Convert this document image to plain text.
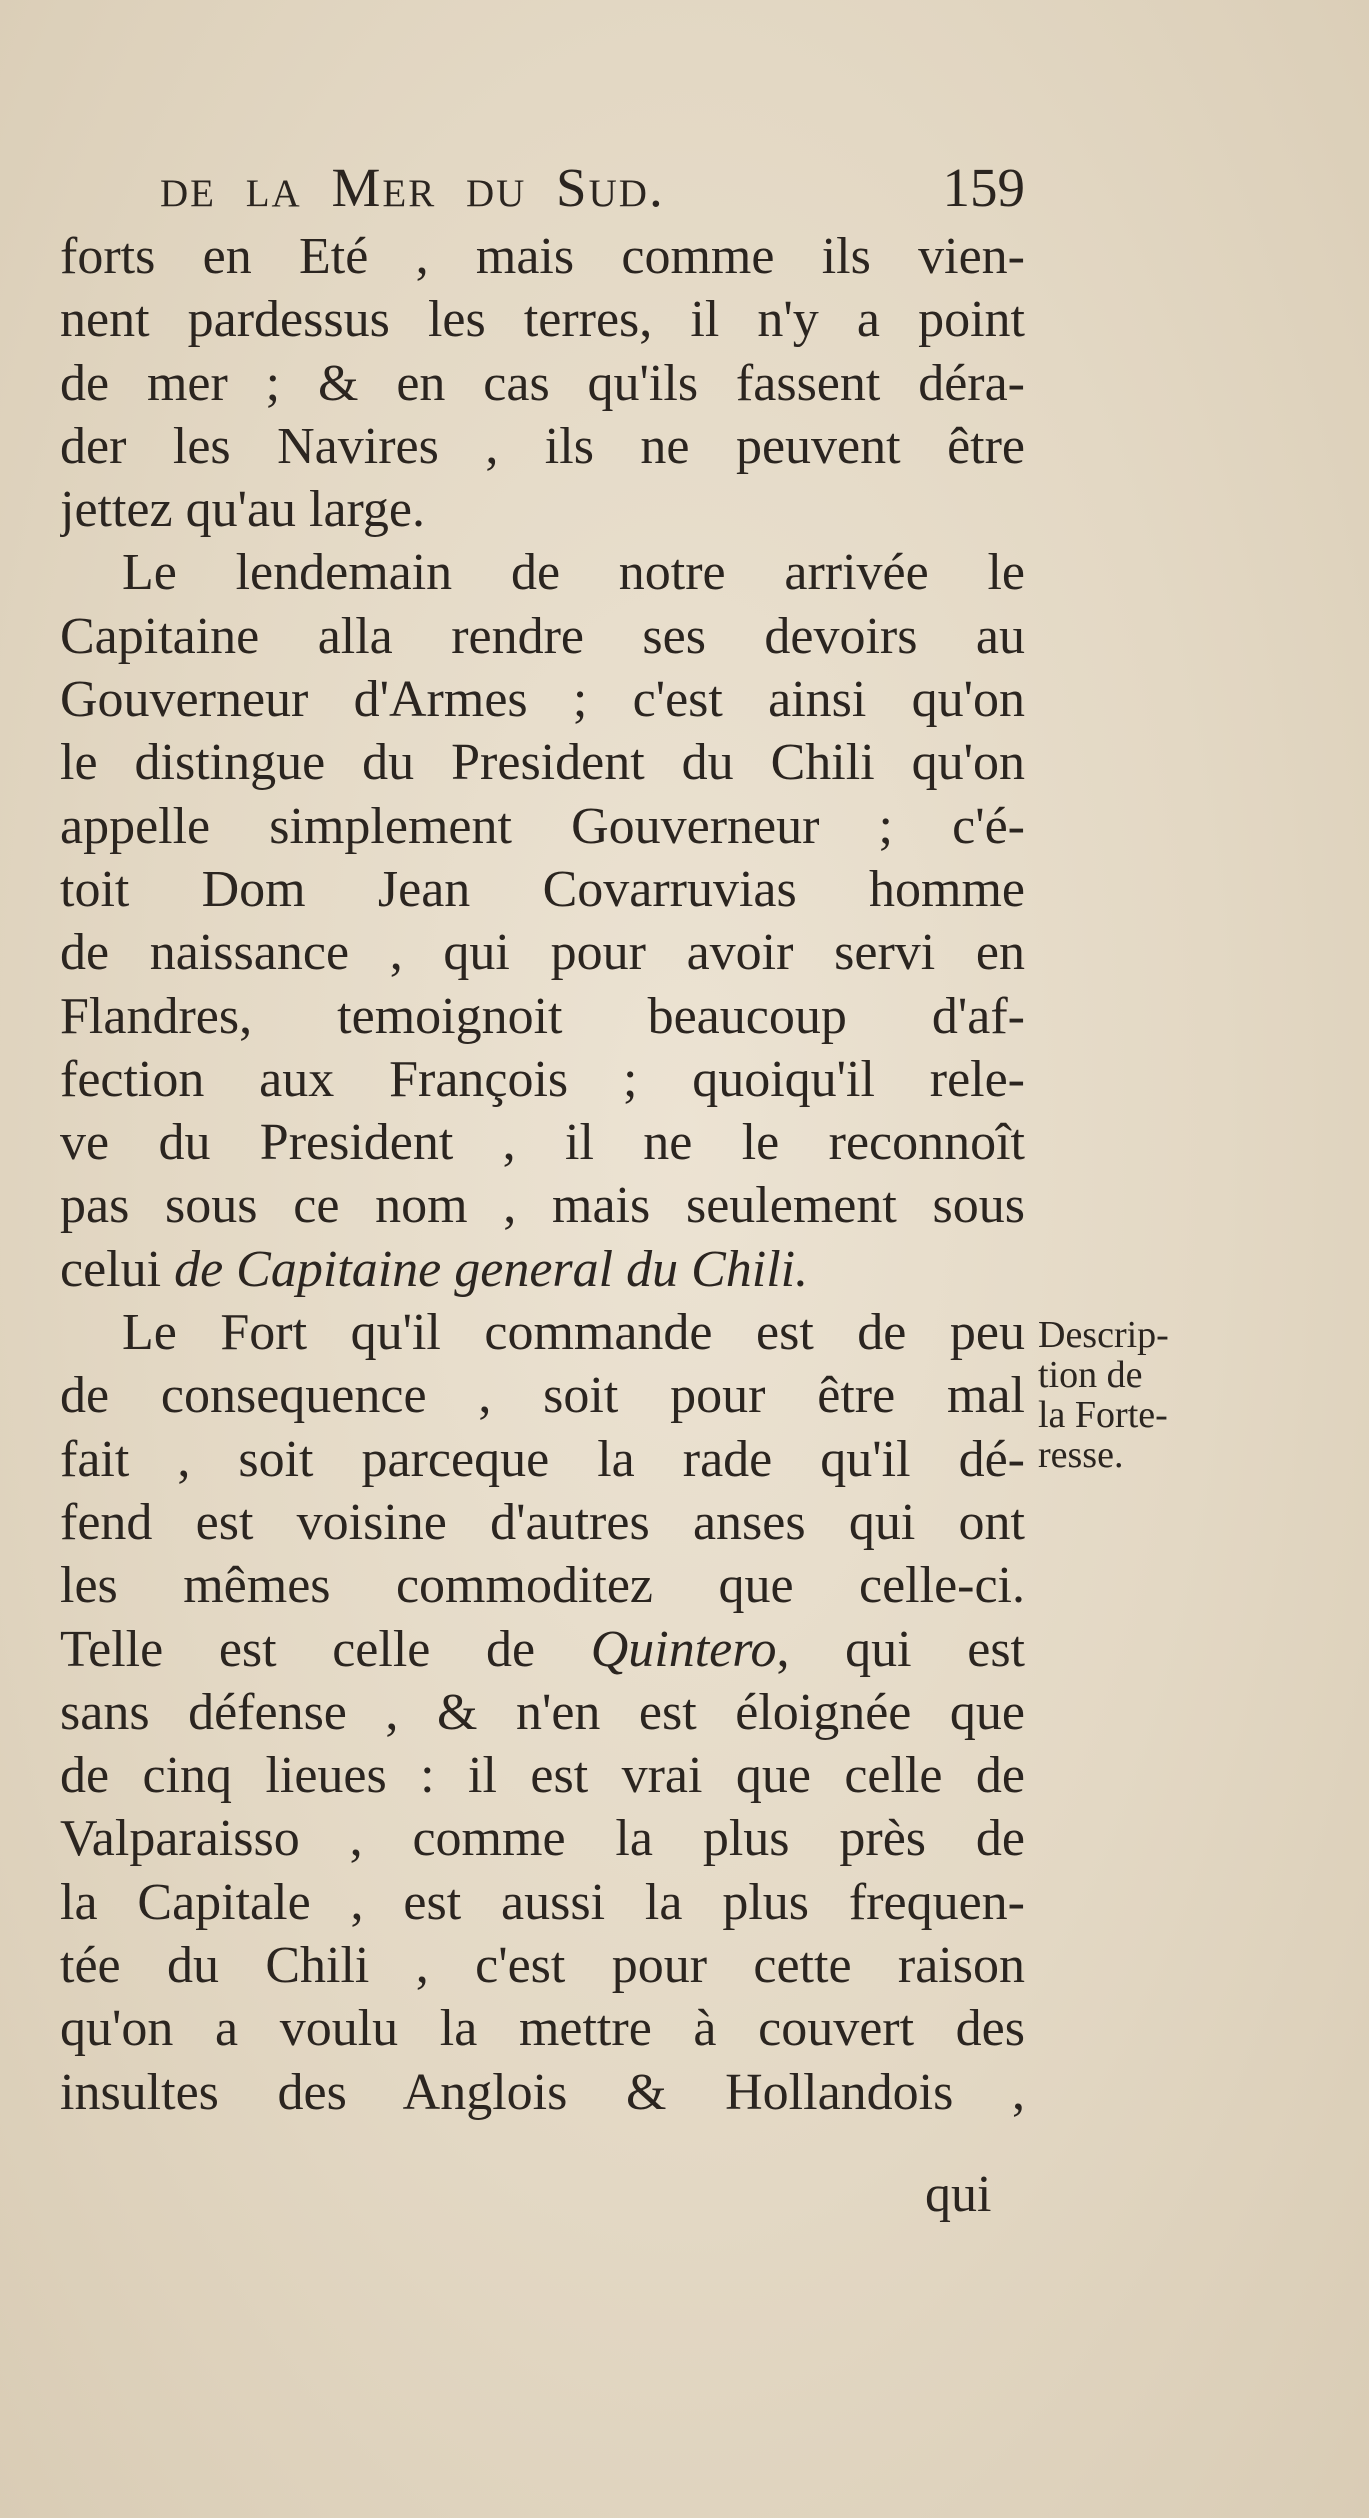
de la Mer du Sud.	159
forts en Eté , mais comme ils vien-
nent pardessus les terres, il n'y a point
de mer ; & en cas qu'ils fassent déra-
der les Navires , ils ne peuvent être
jettez qu'au large.
Le lendemain de notre arrivée le
Capitaine alla rendre ses devoirs au
Gouverneur d'Armes ; c'est ainsi qu'on
le distingue du President du Chili qu'on
appelle simplement Gouverneur ; c'é-
toit Dom Jean Covarruvias homme
de naissance , qui pour avoir servi en
Flandres, temoignoit beaucoup d'af-
fection aux François ; quoiqu'il rele-
ve du President , il ne le reconnoît
pas sous ce nom , mais seulement sous
celui de Capitaine general du Chili.
Le Fort qu'il commande est de peu
de consequence , soit pour être mal
fait , soit parceque la rade qu'il dé-
fend est voisine d'autres anses qui ont
les mêmes commoditez que celle-ci.
Telle est celle de Quintero, qui est
sans défense , & n'en est éloignée que
de cinq lieues : il est vrai que celle de
Valparaisso , comme la plus près de
la Capitale , est aussi la plus frequen-
tée du Chili , c'est pour cette raison
qu'on a voulu la mettre à couvert des
insultes des Anglois & Hollandois ,
Descrip-
tion de
la Forte-
resse.
qui
